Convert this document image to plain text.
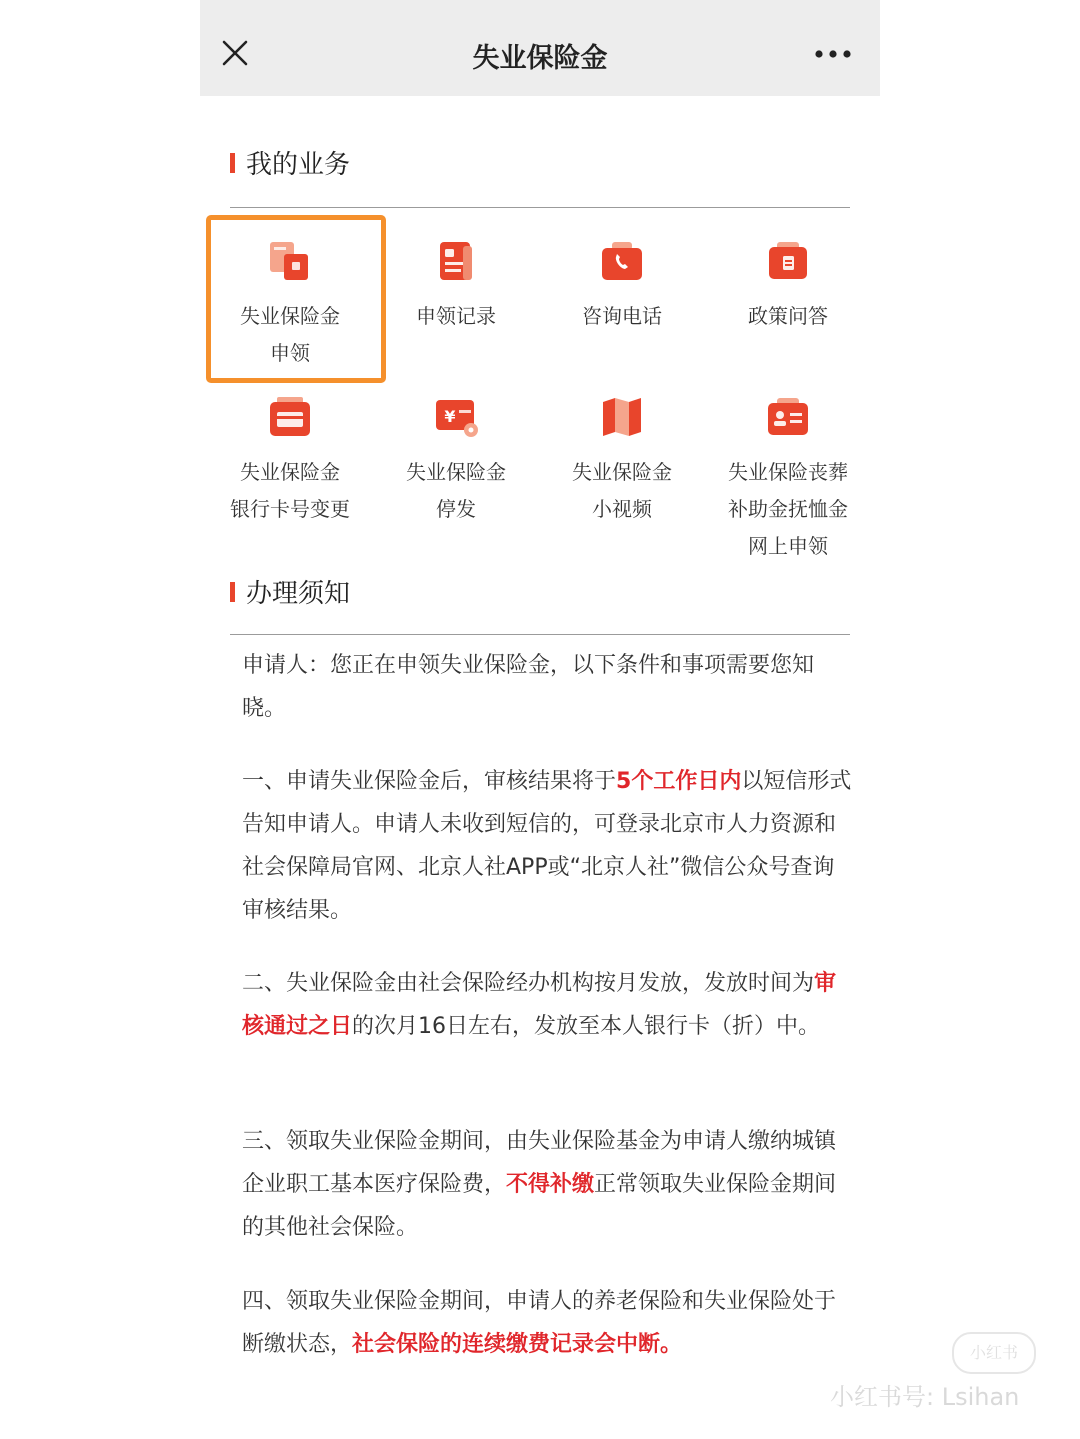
失业保险金
我的业务
失业保险金
申领
申领记录	咨询电话	政策问答
失业保险金
银行卡号变更
¥
失业保险金
停发
失业保险金
小视频
失业保险丧葬
补助金抚恤金
网上申领
办理须知
申请人：您正在申领失业保险金，以下条件和事项需要您知晓。
一、申请失业保险金后，审核结果将于5个工作日内以短信形式告知申请人。申请人未收到短信的，可登录北京市人力资源和社会保障局官网、北京人社APP或“北京人社”微信公众号查询审核结果。
二、失业保险金由社会保险经办机构按月发放，发放时间为审核通过之日的次月16日左右，发放至本人银行卡（折）中。
三、领取失业保险金期间，由失业保险基金为申请人缴纳城镇企业职工基本医疗保险费，不得补缴正常领取失业保险金期间的其他社会保险。
四、领取失业保险金期间，申请人的养老保险和失业保险处于断缴状态，社会保险的连续缴费记录会中断。	小红书
小红书号: Lsihan
